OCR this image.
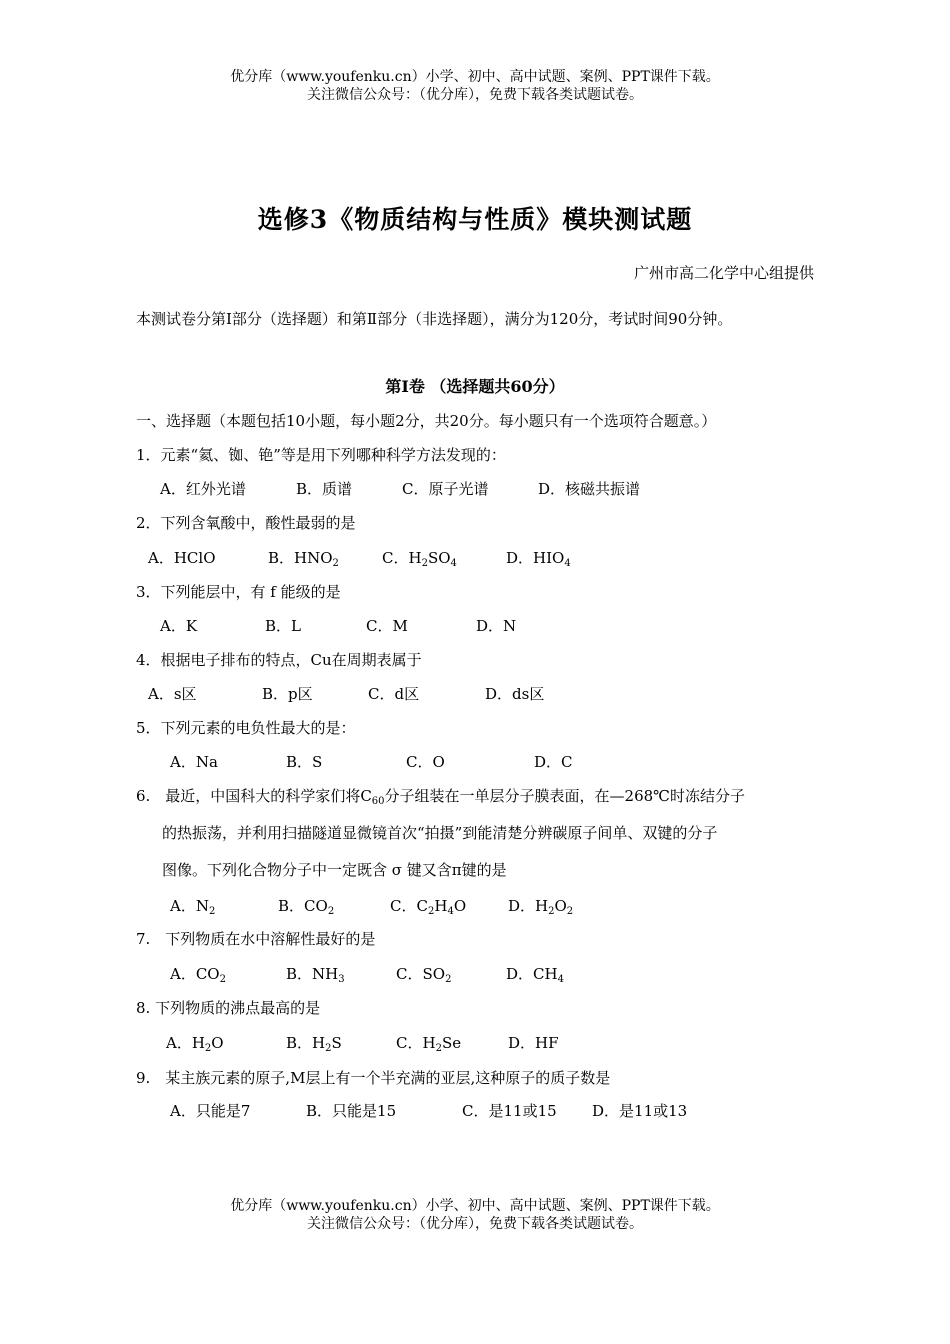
优分库（www.youfenku.cn）小学、初中、高中试题、案例、PPT课件下载。
关注微信公众号：（优分库），免费下载各类试题试卷。
选修3《物质结构与性质》模块测试题
广州市高二化学中心组提供
本测试卷分第Ⅰ部分（选择题）和第Ⅱ部分（非选择题），满分为120分，考试时间90分钟。
第Ⅰ卷 （选择题共60分）
一、选择题（本题包括10小题，每小题2分，共20分。每小题只有一个选项符合题意。）
1．元素“氦、铷、铯”等是用下列哪种科学方法发现的：
A．红外光谱	B．质谱	C．原子光谱	D．核磁共振谱
2．下列含氧酸中，酸性最弱的是
A．HClO	B．$HNO_2$	C．$H_2SO_4$	D．$HIO_4$
3．下列能层中，有 f 能级的是
A．K	B．L	C．M	D．N
4．根据电子排布的特点，Cu在周期表属于
A．s区	B．p区	C．d区	D．ds区
5．下列元素的电负性最大的是：
A．Na	B．S	C．O	D．C
6.　最近，中国科大的科学家们将$C_{60}$分子组装在一单层分子膜表面，在—268℃时冻结分子
的热振荡，并利用扫描隧道显微镜首次“拍摄”到能清楚分辨碳原子间单、双键的分子
图像。下列化合物分子中一定既含 σ 键又含π键的是
A．$N_2$	B．$CO_2$	C．$C_2H_4O$	D．$H_2O_2$
7.　下列物质在水中溶解性最好的是
A．$CO_2$	B．$NH_3$	C．$SO_2$	D．$CH_4$
8. 下列物质的沸点最高的是
A．$H_2O$	B．$H_2S$	C．$H_2Se$	D．HF
9.　某主族元素的原子,M层上有一个半充满的亚层,这种原子的质子数是
A．只能是7	B．只能是15	C．是11或15 D．是11或13
优分库（www.youfenku.cn）小学、初中、高中试题、案例、PPT课件下载。
关注微信公众号：（优分库），免费下载各类试题试卷。
